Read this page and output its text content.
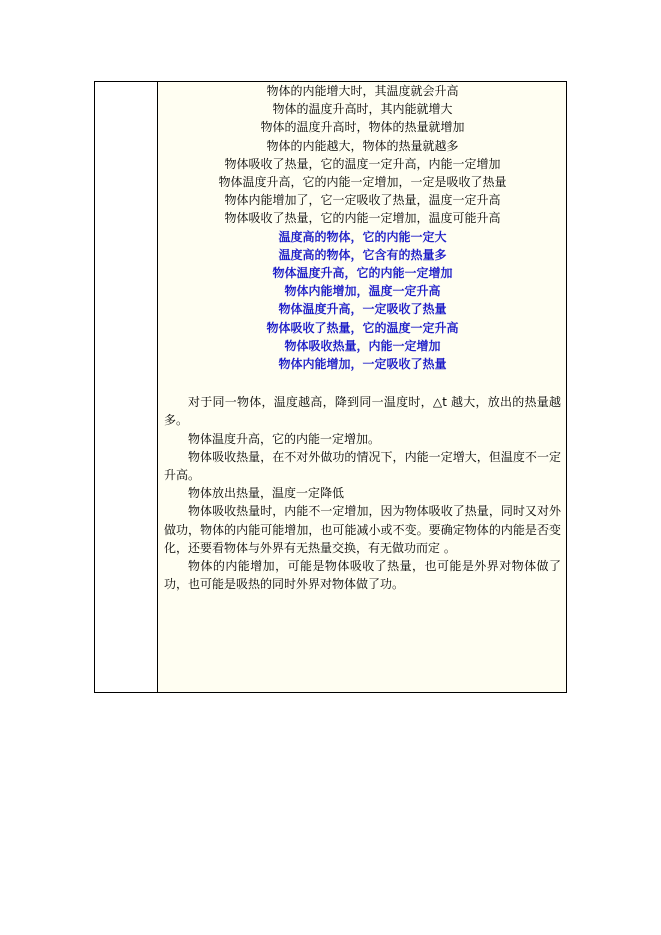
物体的内能增大时，其温度就会升高
物体的温度升高时，其内能就增大
物体的温度升高时，物体的热量就增加
物体的内能越大，物体的热量就越多
物体吸收了热量，它的温度一定升高，内能一定增加
物体温度升高，它的内能一定增加，一定是吸收了热量
物体内能增加了，它一定吸收了热量，温度一定升高
物体吸收了热量，它的内能一定增加，温度可能升高
温度高的物体，它的内能一定大
温度高的物体，它含有的热量多
物体温度升高，它的内能一定增加
物体内能增加，温度一定升高
物体温度升高，一定吸收了热量
物体吸收了热量，它的温度一定升高
物体吸收热量，内能一定增加
物体内能增加，一定吸收了热量

对于同一物体，温度越高，降到同一温度时，△t 越大，放出的热量越多。

物体温度升高，它的内能一定增加。

物体吸收热量，在不对外做功的情况下，内能一定增大，但温度不一定升高。

物体放出热量，温度一定降低

物体吸收热量时，内能不一定增加，因为物体吸收了热量，同时又对外做功，物体的内能可能增加，也可能减小或不变。要确定物体的内能是否变化，还要看物体与外界有无热量交换，有无做功而定 。

物体的内能增加，可能是物体吸收了热量，也可能是外界对物体做了功，也可能是吸热的同时外界对物体做了功。
